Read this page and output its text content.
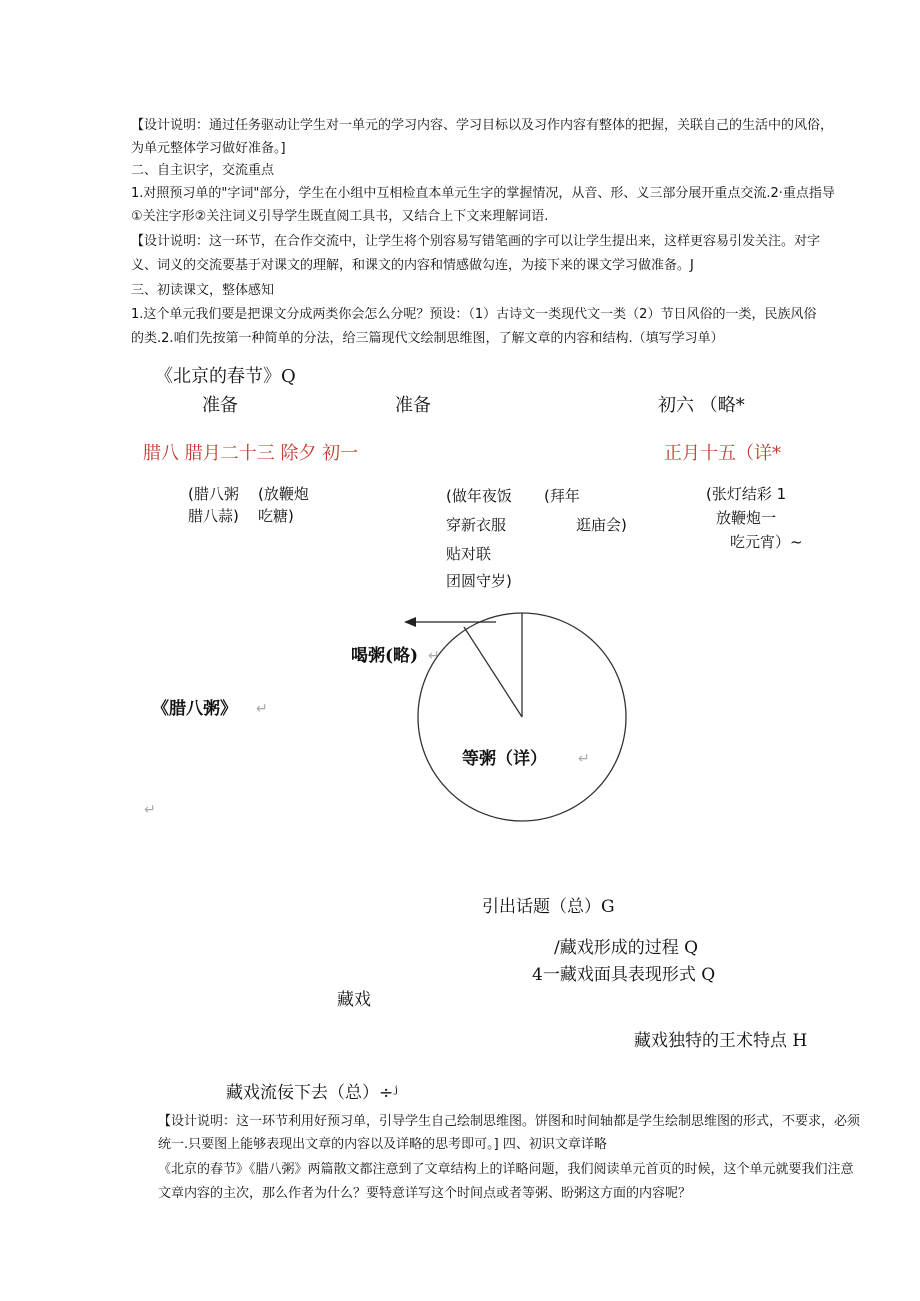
【设计说明：通过任务驱动让学生对一单元的学习内容、学习目标以及习作内容有整体的把握，关联自己的生活中的风俗，
为单元整体学习做好准备。]
二、自主识字，交流重点
1.对照预习单的"字词"部分，学生在小组中互相检直本单元生字的掌握情况，从音、形、义三部分展开重点交流.2·重点指导
①关注字形②关注词义引导学生既直阅工具书，又结合上下文来理解词语.
【设计说明：这一环节，在合作交流中，让学生将个别容易写错笔画的字可以让学生提出来，这样更容易引发关注。对字
义、词义的交流要基于对课文的理解，和课文的内容和情感做勾连，为接下来的课文学习做准备。J
三、初读课文，整体感知
1.这个单元我们要是把课文分成两类你会怎么分呢？预设：（1）古诗文一类现代文一类（2）节日风俗的一类，民族风俗
的类.2.咱们先按第一种简单的分法，给三篇现代文绘制思维图，了解文章的内容和结构.（填写学习单）
《北京的春节》Q
准备	准备	初六 （略*
腊八 腊月二十三 除夕 初一	正月十五（详*
(腊八粥
腊八蒜)
(放鞭炮
吃糖)
(做年夜饭
穿新衣服
贴对联
团圆守岁)
(拜年
逛庙会)
(张灯结彩 1
放鞭炮一
吃元宵）~
喝粥(略) ↵
《腊八粥》 ↵
等粥（详） ↵
↵
引出话题（总）G
/藏戏形成的过程 Q
4一藏戏面具表现形式 Q
藏戏
藏戏独特的王术特点 H
藏戏流佞下去（总）÷ʲ
【设计说明：这一环节利用好预习单，引导学生自己绘制思维图。饼图和时间轴都是学生绘制思维图的形式，不要求，必须
统一.只要图上能够表现出文章的内容以及详略的思考即可。] 四、初识文章详略
《北京的春节》《腊八粥》两篇散文都注意到了文章结构上的详略问题，我们阅读单元首页的时候，这个单元就要我们注意
文章内容的主次，那么作者为什么？要特意详写这个时间点或者等粥、盼粥这方面的内容呢？
